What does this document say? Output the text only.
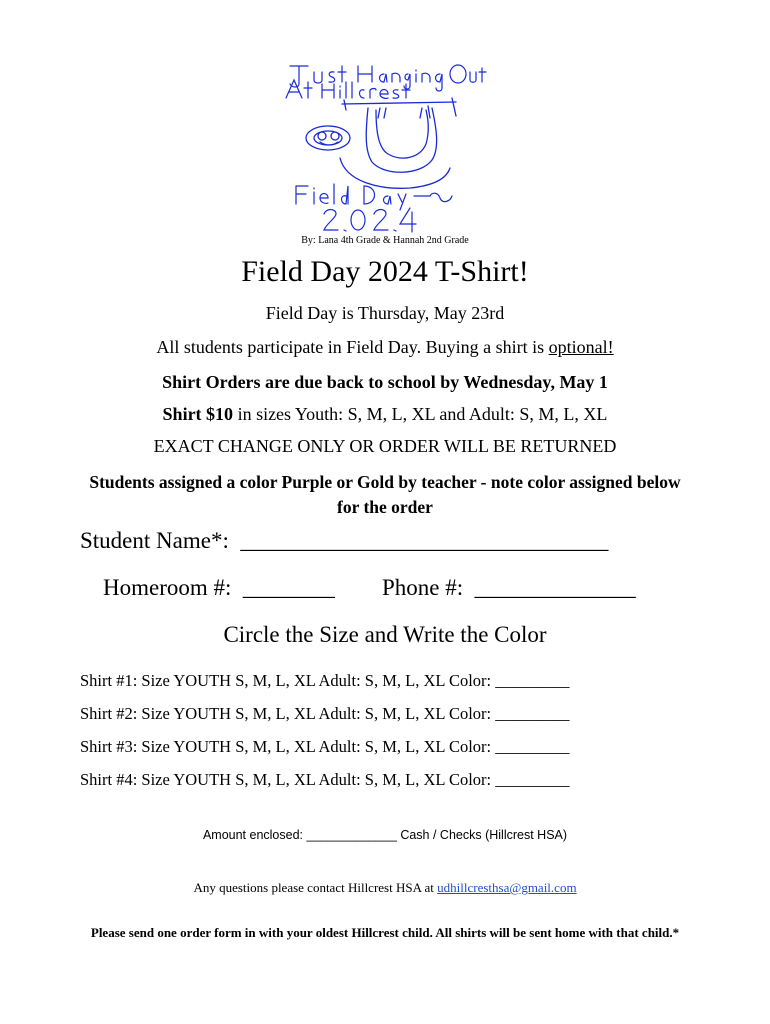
By: Lana 4th Grade & Hannah 2nd Grade
Field Day 2024 T-Shirt!
Field Day is Thursday, May 23rd
All students participate in Field Day. Buying a shirt is optional!
Shirt Orders are due back to school by Wednesday, May 1
Shirt $10 in sizes Youth: S, M, L, XL and Adult: S, M, L, XL
EXACT CHANGE ONLY OR ORDER WILL BE RETURNED
Students assigned a color Purple or Gold by teacher - note color assigned below for the order
Student Name*: ________________________________
Homeroom #: ________ Phone #: ______________
Circle the Size and Write the Color
Shirt #1: Size YOUTH S, M, L, XL Adult: S, M, L, XL Color: _________
Shirt #2: Size YOUTH S, M, L, XL Adult: S, M, L, XL Color: _________
Shirt #3: Size YOUTH S, M, L, XL Adult: S, M, L, XL Color: _________
Shirt #4: Size YOUTH S, M, L, XL Adult: S, M, L, XL Color: _________
Amount enclosed: _____________ Cash / Checks (Hillcrest HSA)
Any questions please contact Hillcrest HSA at udhillcresthsa@gmail.com
Please send one order form in with your oldest Hillcrest child. All shirts will be sent home with that child.*
